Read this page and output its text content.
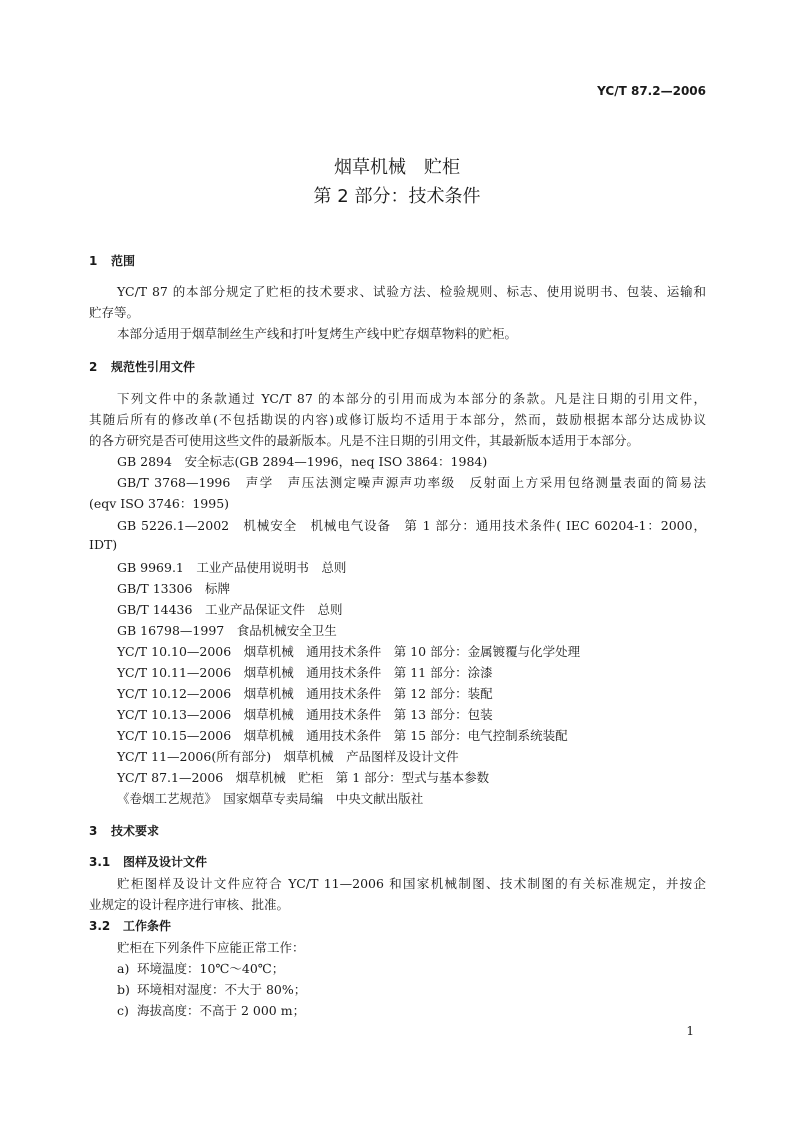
YC/T 87.2—2006
烟草机械　贮柜
第 2 部分：技术条件
1 范围
YC/T 87 的本部分规定了贮柜的技术要求、试验方法、检验规则、标志、使用说明书、包装、运输和
贮存等。
本部分适用于烟草制丝生产线和打叶复烤生产线中贮存烟草物料的贮柜。
2 规范性引用文件
下列文件中的条款通过 YC/T 87 的本部分的引用而成为本部分的条款。凡是注日期的引用文件，
其随后所有的修改单(不包括勘误的内容)或修订版均不适用于本部分，然而，鼓励根据本部分达成协议
的各方研究是否可使用这些文件的最新版本。凡是不注日期的引用文件，其最新版本适用于本部分。
GB 2894　安全标志(GB 2894—1996，neq ISO 3864：1984)
GB/T 3768—1996　声学　声压法测定噪声源声功率级　反射面上方采用包络测量表面的简易法
(eqv ISO 3746：1995)
GB 5226.1—2002　机械安全　机械电气设备　第 1 部分：通用技术条件( IEC 60204-1：2000，
IDT)
GB 9969.1　工业产品使用说明书　总则
GB/T 13306　标牌
GB/T 14436　工业产品保证文件　总则
GB 16798—1997　食品机械安全卫生
YC/T 10.10—2006　烟草机械　通用技术条件　第 10 部分：金属镀覆与化学处理
YC/T 10.11—2006　烟草机械　通用技术条件　第 11 部分：涂漆
YC/T 10.12—2006　烟草机械　通用技术条件　第 12 部分：装配
YC/T 10.13—2006　烟草机械　通用技术条件　第 13 部分：包装
YC/T 10.15—2006　烟草机械　通用技术条件　第 15 部分：电气控制系统装配
YC/T 11—2006(所有部分)　烟草机械　产品图样及设计文件
YC/T 87.1—2006　烟草机械　贮柜　第 1 部分：型式与基本参数
《卷烟工艺规范》　国家烟草专卖局编　中央文献出版社
3 技术要求
3.1 图样及设计文件
贮柜图样及设计文件应符合 YC/T 11—2006 和国家机械制图、技术制图的有关标准规定，并按企
业规定的设计程序进行审核、批准。
3.2 工作条件
贮柜在下列条件下应能正常工作：
a) 环境温度：10℃～40℃；
b) 环境相对湿度：不大于 80%；
c) 海拔高度：不高于 2 000 m；
1
